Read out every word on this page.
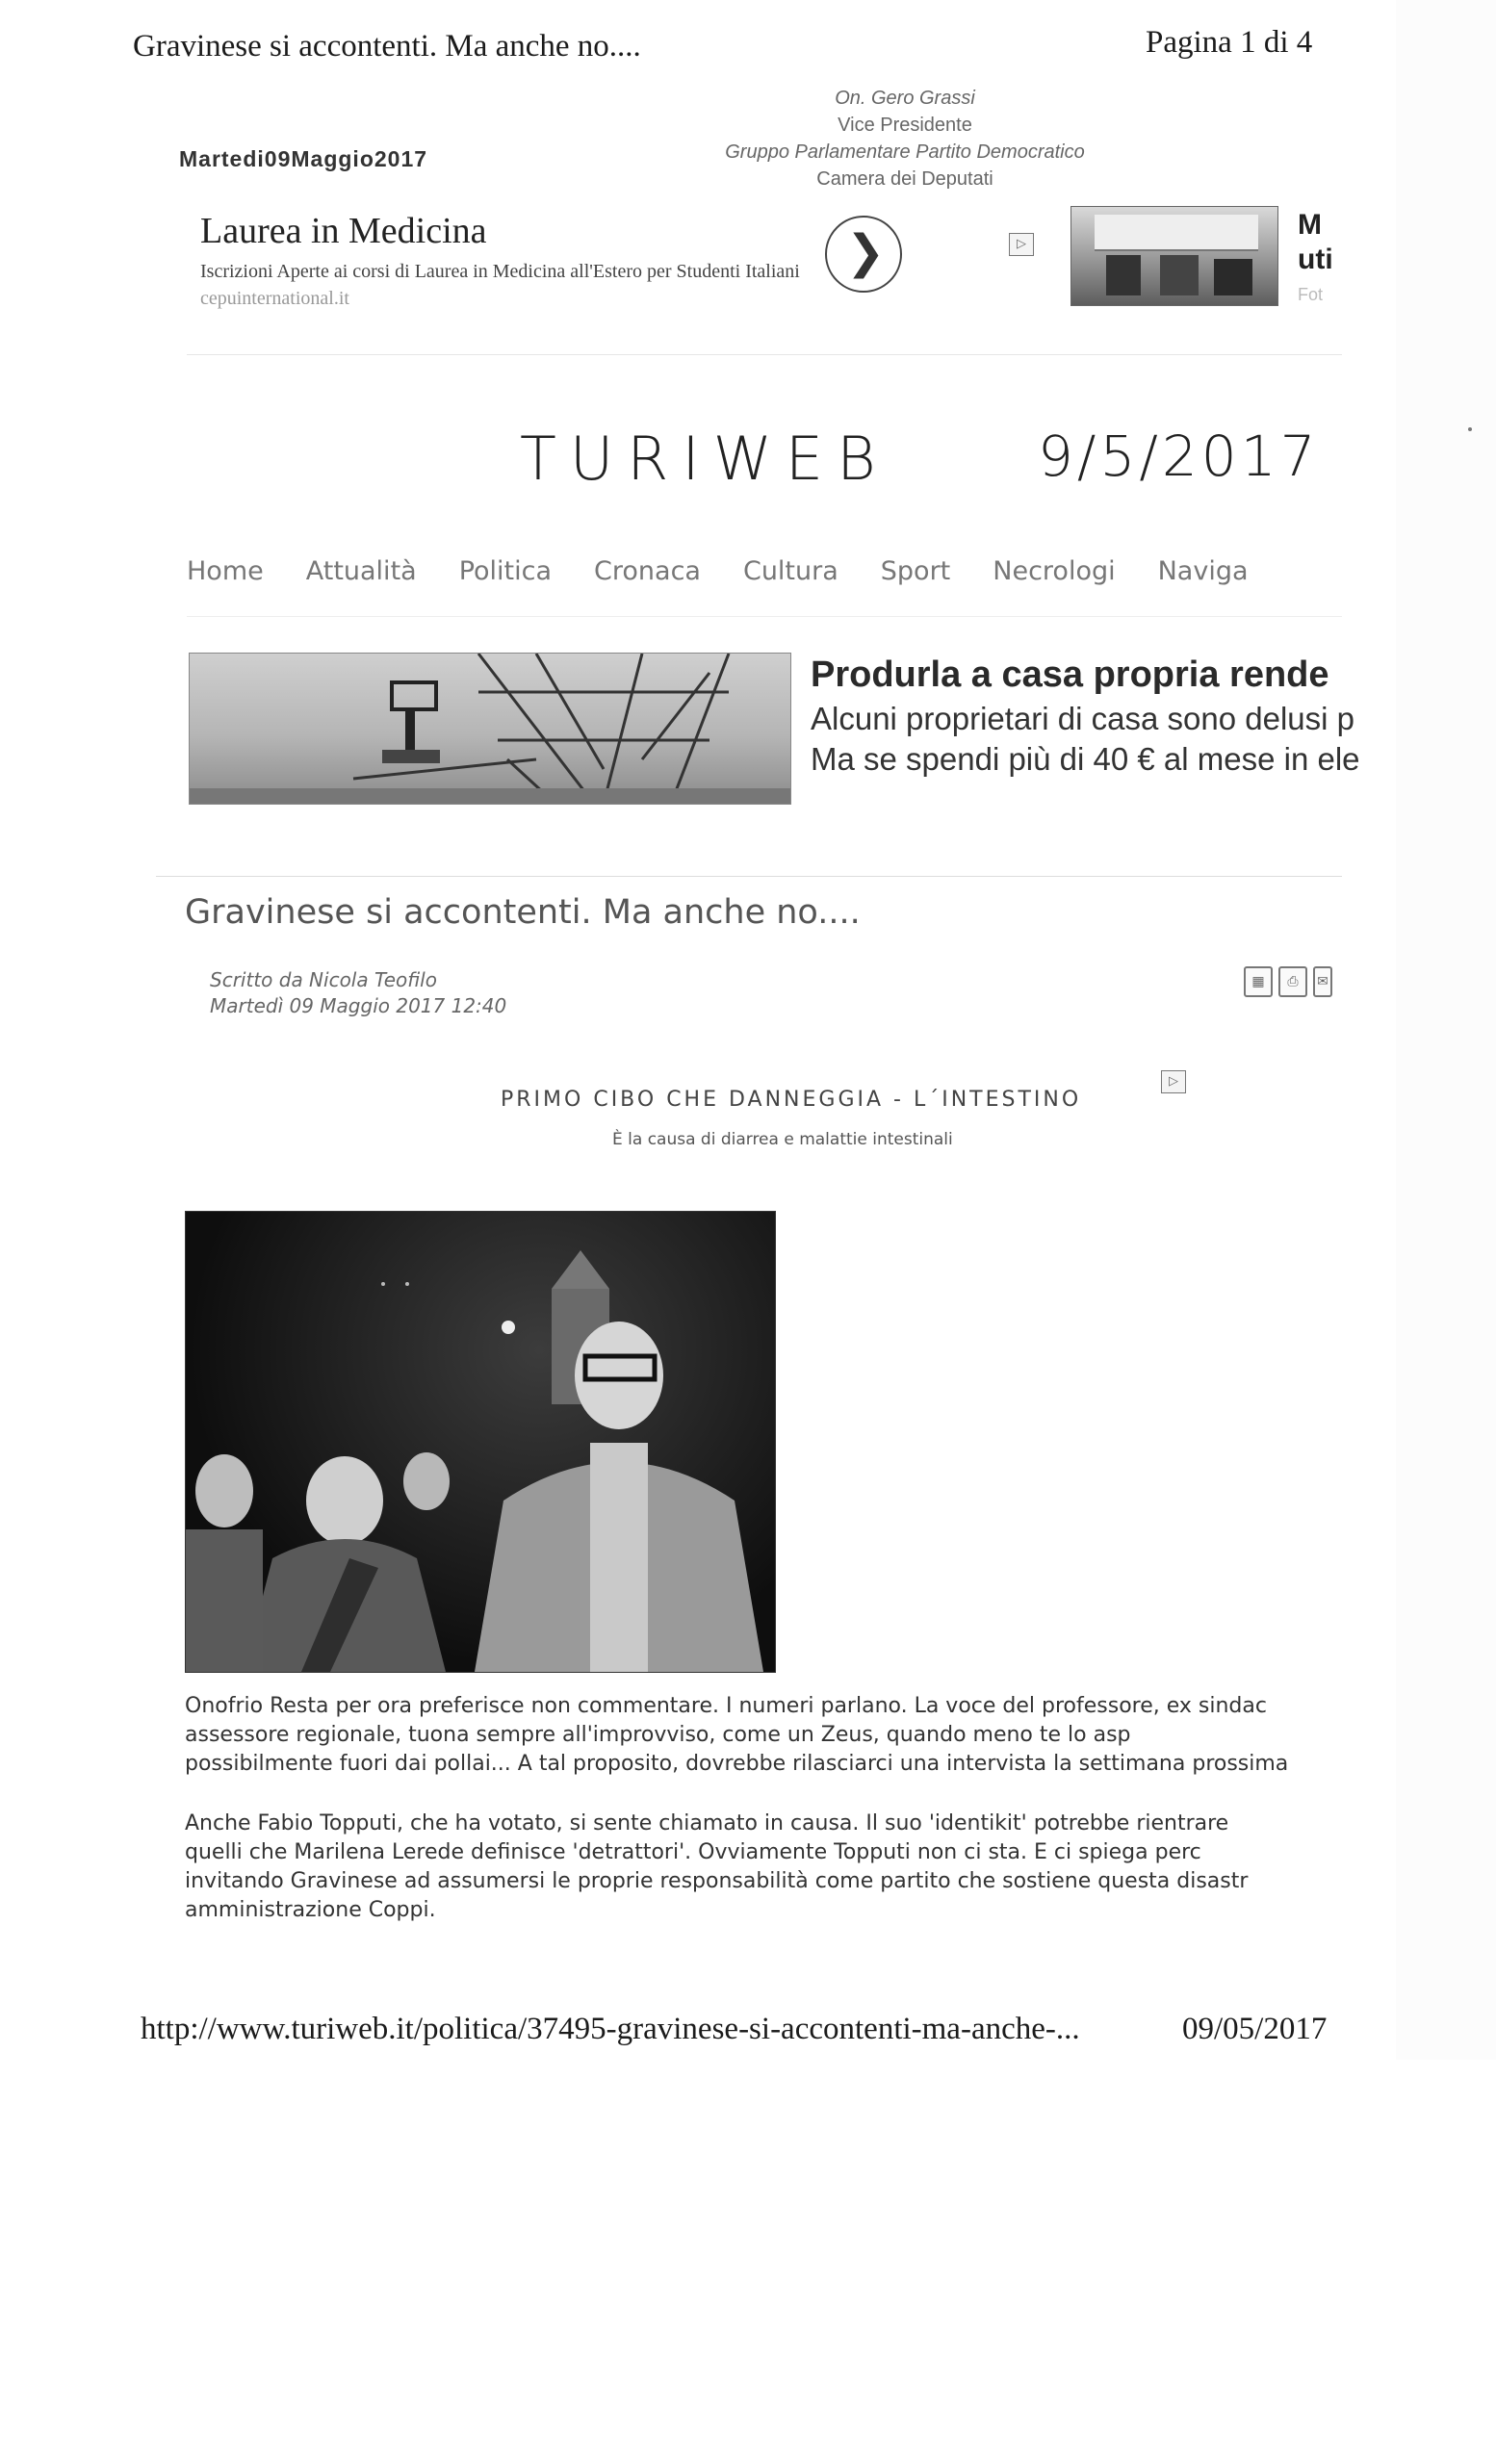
Gravinese si accontenti. Ma anche no....	Pagina 1 di 4
On. Gero Grassi
Vice Presidente
Gruppo Parlamentare Partito Democratico
Camera dei Deputati
Martedi09Maggio2017
Laurea in Medicina
Iscrizioni Aperte ai corsi di Laurea in Medicina all'Estero per Studenti Italiani cepuinternational.it
❯	▷
M
uti
Fot
TURIWEB	9/5/2017
Home Attualità Politica Cronaca Cultura Sport Necrologi Naviga
Produrla a casa propria rende
Alcuni proprietari di casa sono delusi p
Ma se spendi più di 40 € al mese in ele
Gravinese si accontenti. Ma anche no....
Scritto da Nicola Teofilo
Martedì 09 Maggio 2017 12:40
▦	⎙	✉
PRIMO CIBO CHE DANNEGGIA - L´INTESTINO
È la causa di diarrea e malattie intestinali
▷
Onofrio Resta per ora preferisce non commentare. I numeri parlano. La voce del professore, ex sindac
assessore regionale, tuona sempre all'improvviso, come un Zeus, quando meno te lo asp
possibilmente fuori dai pollai... A tal proposito, dovrebbe rilasciarci una intervista la settimana prossima
Anche Fabio Topputi, che ha votato, si sente chiamato in causa. Il suo 'identikit' potrebbe rientrare
quelli che Marilena Lerede definisce 'detrattori'. Ovviamente Topputi non ci sta. E ci spiega perc
invitando Gravinese ad assumersi le proprie responsabilità come partito che sostiene questa disastr
amministrazione Coppi.
http://www.turiweb.it/politica/37495-gravinese-si-accontenti-ma-anche-...	09/05/2017
